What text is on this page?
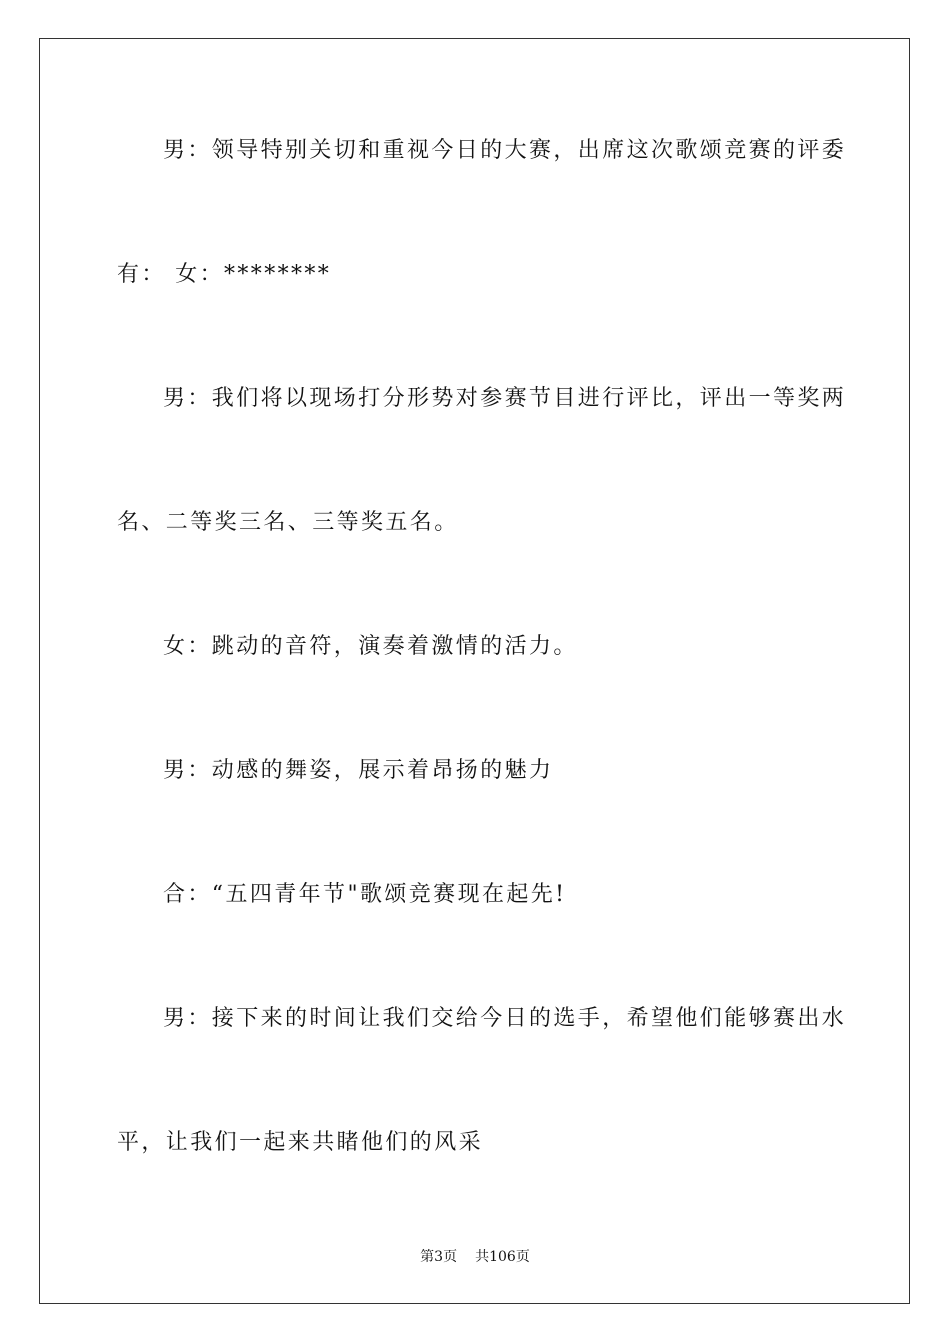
男：领导特别关切和重视今日的大赛，出席这次歌颂竞赛的评委
有： 女：********
男：我们将以现场打分形势对参赛节目进行评比，评出一等奖两
名、二等奖三名、三等奖五名。
女：跳动的音符，演奏着激情的活力。
男：动感的舞姿，展示着昂扬的魅力
合：“五四青年节"歌颂竞赛现在起先!
男：接下来的时间让我们交给今日的选手，希望他们能够赛出水
平，让我们一起来共睹他们的风采
第3页 共106页
